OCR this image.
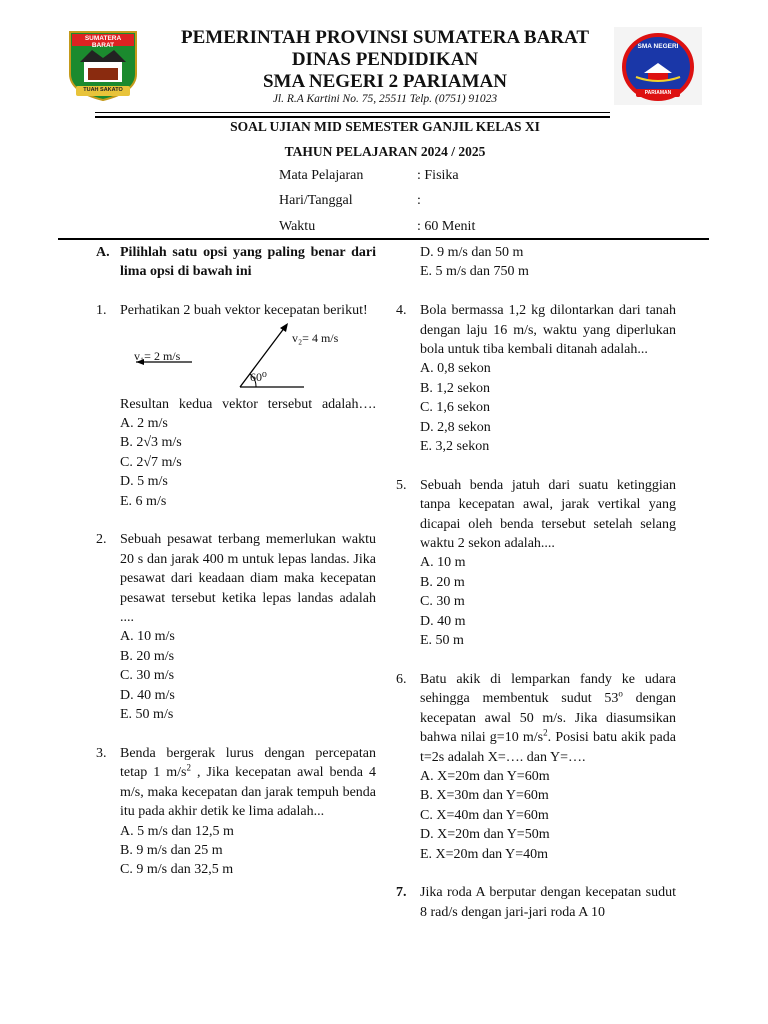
SUMATERA BARAT
TUAH SAKATO
SMA NEGERI
PARIAMAN
PEMERINTAH PROVINSI SUMATERA BARAT
DINAS PENDIDIKAN
SMA NEGERI 2 PARIAMAN
Jl. R.A Kartini No. 75, 25511 Telp. (0751) 91023
SOAL UJIAN MID SEMESTER GANJIL KELAS XI
TAHUN PELAJARAN 2024 / 2025
Mata Pelajaran	: Fisika
Hari/Tanggal	:
Waktu	: 60 Menit
A. Pilihlah satu opsi yang paling benar dari lima opsi di bawah ini
1. Perhatikan 2 buah vektor kecepatan berikut!
v₁= 2 m/s
v₂= 4 m/s
60⁰
Resultan kedua vektor tersebut adalah….
A. 2 m/s
B. 2√3 m/s
C. 2√7 m/s
D. 5 m/s
E. 6 m/s
2. Sebuah pesawat terbang memerlukan waktu 20 s dan jarak 400 m untuk lepas landas. Jika pesawat dari keadaan diam maka kecepatan pesawat tersebut ketika lepas landas adalah ....
A. 10 m/s
B. 20 m/s
C. 30 m/s
D. 40 m/s
E. 50 m/s
3. Benda bergerak lurus dengan percepatan tetap 1 $m/s^2$ , Jika kecepatan awal benda 4 m/s, maka kecepatan dan jarak tempuh benda itu pada akhir detik ke lima adalah...
A. 5 m/s dan 12,5 m
B. 9 m/s dan 25 m
C. 9 m/s dan 32,5 m
D. 9 m/s dan 50 m
E. 5 m/s dan 750 m
4. Bola bermassa 1,2 kg dilontarkan dari tanah dengan laju 16 m/s, waktu yang diperlukan bola untuk tiba kembali ditanah adalah...
A. 0,8 sekon
B. 1,2 sekon
C. 1,6 sekon
D. 2,8 sekon
E. 3,2 sekon
5. Sebuah benda jatuh dari suatu ketinggian tanpa kecepatan awal, jarak vertikal yang dicapai oleh benda tersebut setelah selang waktu 2 sekon adalah....
A. 10 m
B. 20 m
C. 30 m
D. 40 m
E. 50 m
6. Batu akik di lemparkan fandy ke udara sehingga membentuk sudut 53$^o$ dengan kecepatan awal 50 m/s. Jika diasumsikan bahwa nilai g=10 $m/s^2$. Posisi batu akik pada t=2s adalah X=…. dan Y=….
A. X=20m dan Y=60m
B. X=30m dan Y=60m
C. X=40m dan Y=60m
D. X=20m dan Y=50m
E. X=20m dan Y=40m
7. Jika roda A berputar dengan kecepatan sudut 8 rad/s dengan jari-jari roda A 10
